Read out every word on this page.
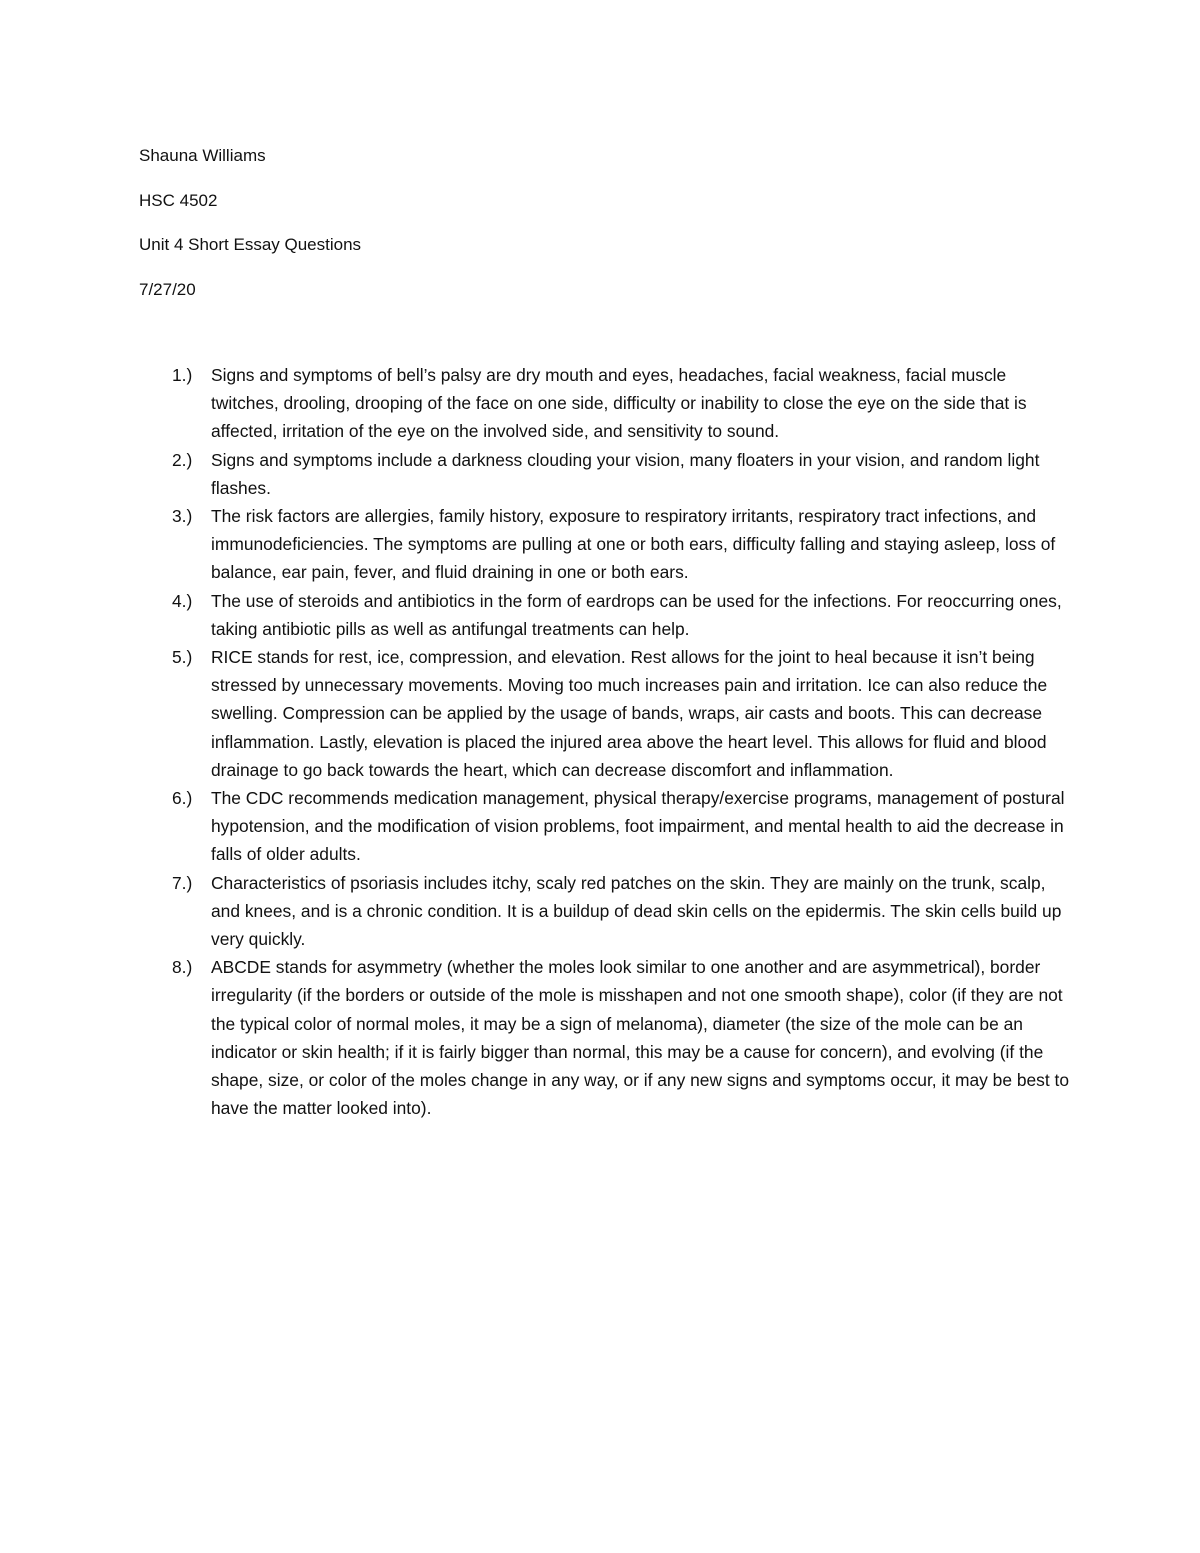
Shauna Williams
HSC 4502
Unit 4 Short Essay Questions
7/27/20
1.)	Signs and symptoms of bell’s palsy are dry mouth and eyes, headaches, facial weakness, facial muscle twitches, drooling, drooping of the face on one side, difficulty or inability to close the eye on the side that is affected, irritation of the eye on the involved side, and sensitivity to sound.
2.)	Signs and symptoms include a darkness clouding your vision, many floaters in your vision, and random light flashes.
3.)	The risk factors are allergies, family history, exposure to respiratory irritants, respiratory tract infections, and immunodeficiencies. The symptoms are pulling at one or both ears, difficulty falling and staying asleep, loss of balance, ear pain, fever, and fluid draining in one or both ears.
4.)	The use of steroids and antibiotics in the form of eardrops can be used for the infections. For reoccurring ones, taking antibiotic pills as well as antifungal treatments can help.
5.)	RICE stands for rest, ice, compression, and elevation. Rest allows for the joint to heal because it isn’t being stressed by unnecessary movements. Moving too much increases pain and irritation. Ice can also reduce the swelling. Compression can be applied by the usage of bands, wraps, air casts and boots. This can decrease inflammation. Lastly, elevation is placed the injured area above the heart level. This allows for fluid and blood drainage to go back towards the heart, which can decrease discomfort and inflammation.
6.)	The CDC recommends medication management, physical therapy/exercise programs, management of postural hypotension, and the modification of vision problems, foot impairment, and mental health to aid the decrease in falls of older adults.
7.)	Characteristics of psoriasis includes itchy, scaly red patches on the skin. They are mainly on the trunk, scalp, and knees, and is a chronic condition. It is a buildup of dead skin cells on the epidermis. The skin cells build up very quickly.
8.)	ABCDE stands for asymmetry (whether the moles look similar to one another and are asymmetrical), border irregularity (if the borders or outside of the mole is misshapen and not one smooth shape), color (if they are not the typical color of normal moles, it may be a sign of melanoma), diameter (the size of the mole can be an indicator or skin health; if it is fairly bigger than normal, this may be a cause for concern), and evolving (if the shape, size, or color of the moles change in any way, or if any new signs and symptoms occur, it may be best to have the matter looked into).
